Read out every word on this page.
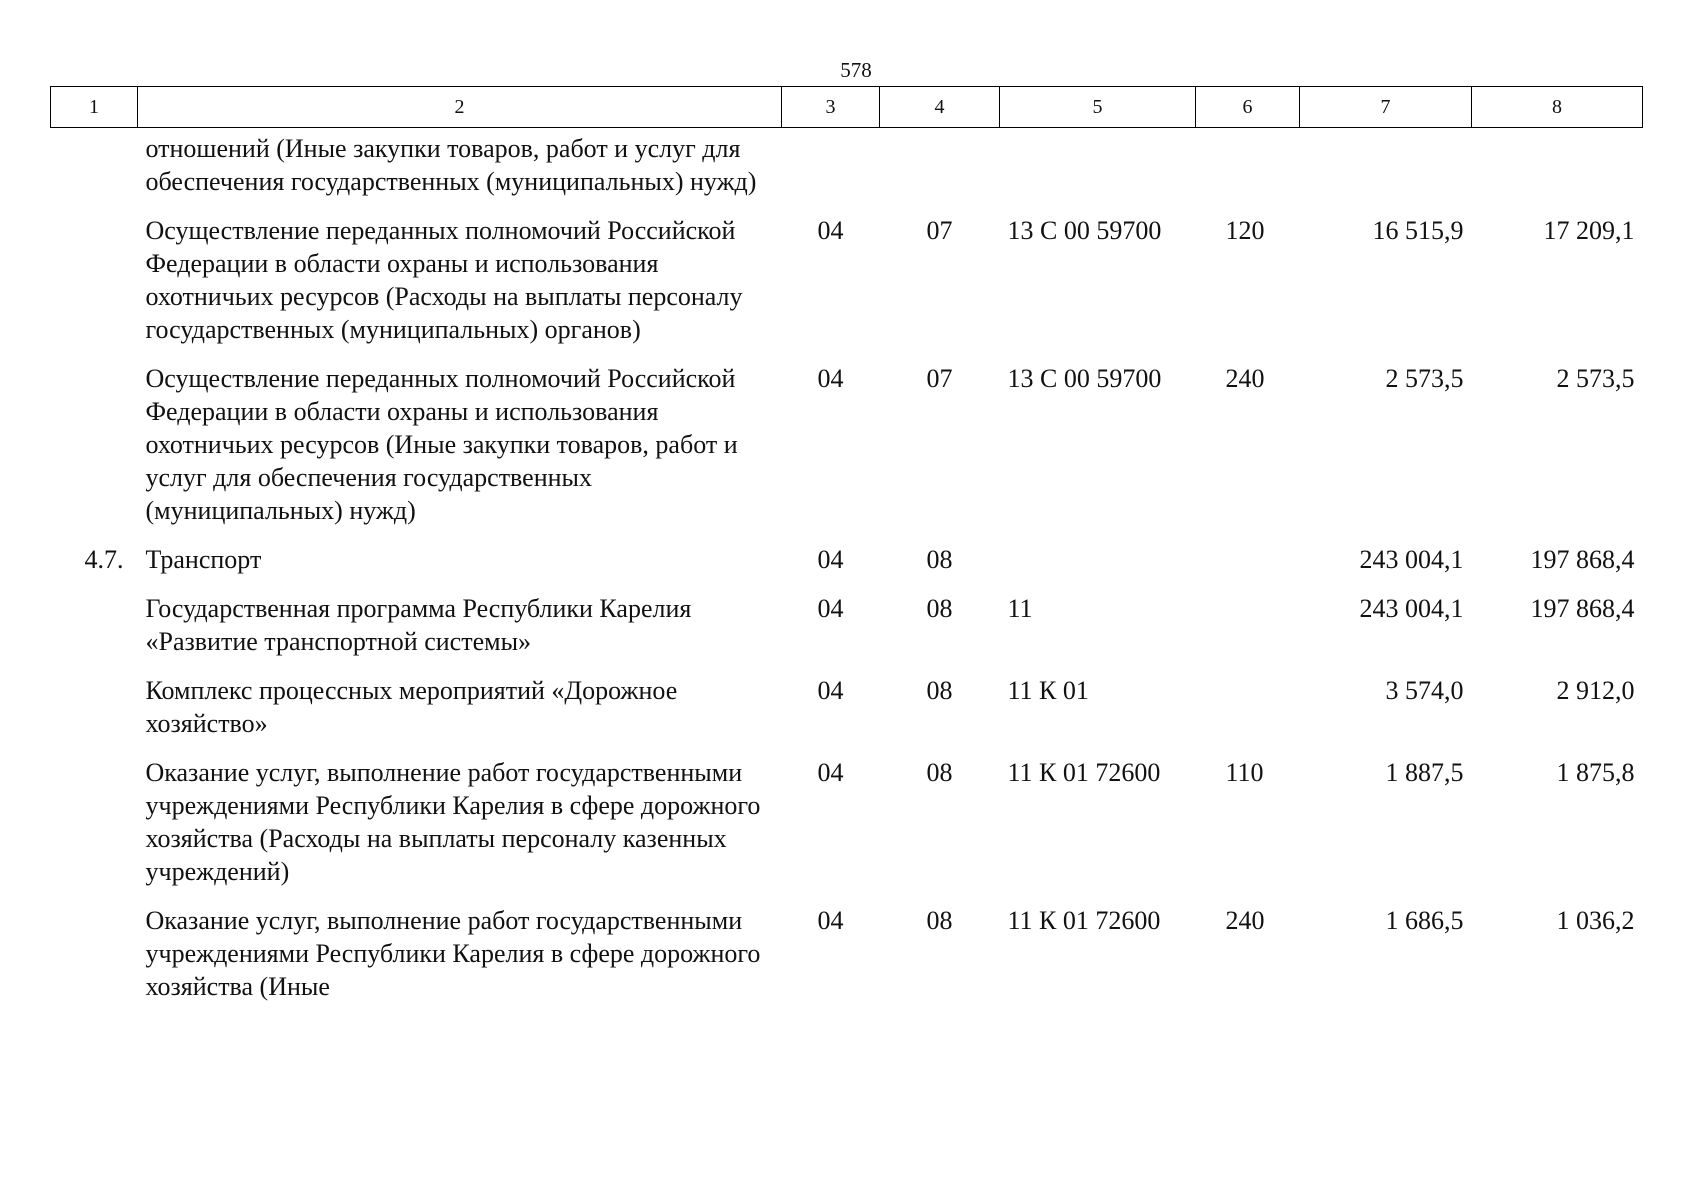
578
1	2	3	4	5	6	7	8
	отношений (Иные закупки товаров, работ и услуг для обеспечения государственных (муниципальных) нужд)						
	Осуществление переданных полномочий Российской Федерации в области охраны и использования охотничьих ресурсов (Расходы на выплаты персоналу государственных (муниципальных) органов)	04	07	13 С 00 59700	120	16 515,9	17 209,1
	Осуществление переданных полномочий Российской Федерации в области охраны и использования охотничьих ресурсов (Иные закупки товаров, работ и услуг для обеспечения государственных (муниципальных) нужд)	04	07	13 С 00 59700	240	2 573,5	2 573,5
4.7.	Транспорт	04	08			243 004,1	197 868,4
	Государственная программа Республики Карелия «Развитие транспортной системы»	04	08	11		243 004,1	197 868,4
	Комплекс процессных мероприятий «Дорожное хозяйство»	04	08	11 К 01		3 574,0	2 912,0
	Оказание услуг, выполнение работ государственными учреждениями Республики Карелия в сфере дорожного хозяйства (Расходы на выплаты персоналу казенных учреждений)	04	08	11 К 01 72600	110	1 887,5	1 875,8
	Оказание услуг, выполнение работ государственными учреждениями Республики Карелия в сфере дорожного хозяйства (Иные	04	08	11 К 01 72600	240	1 686,5	1 036,2
